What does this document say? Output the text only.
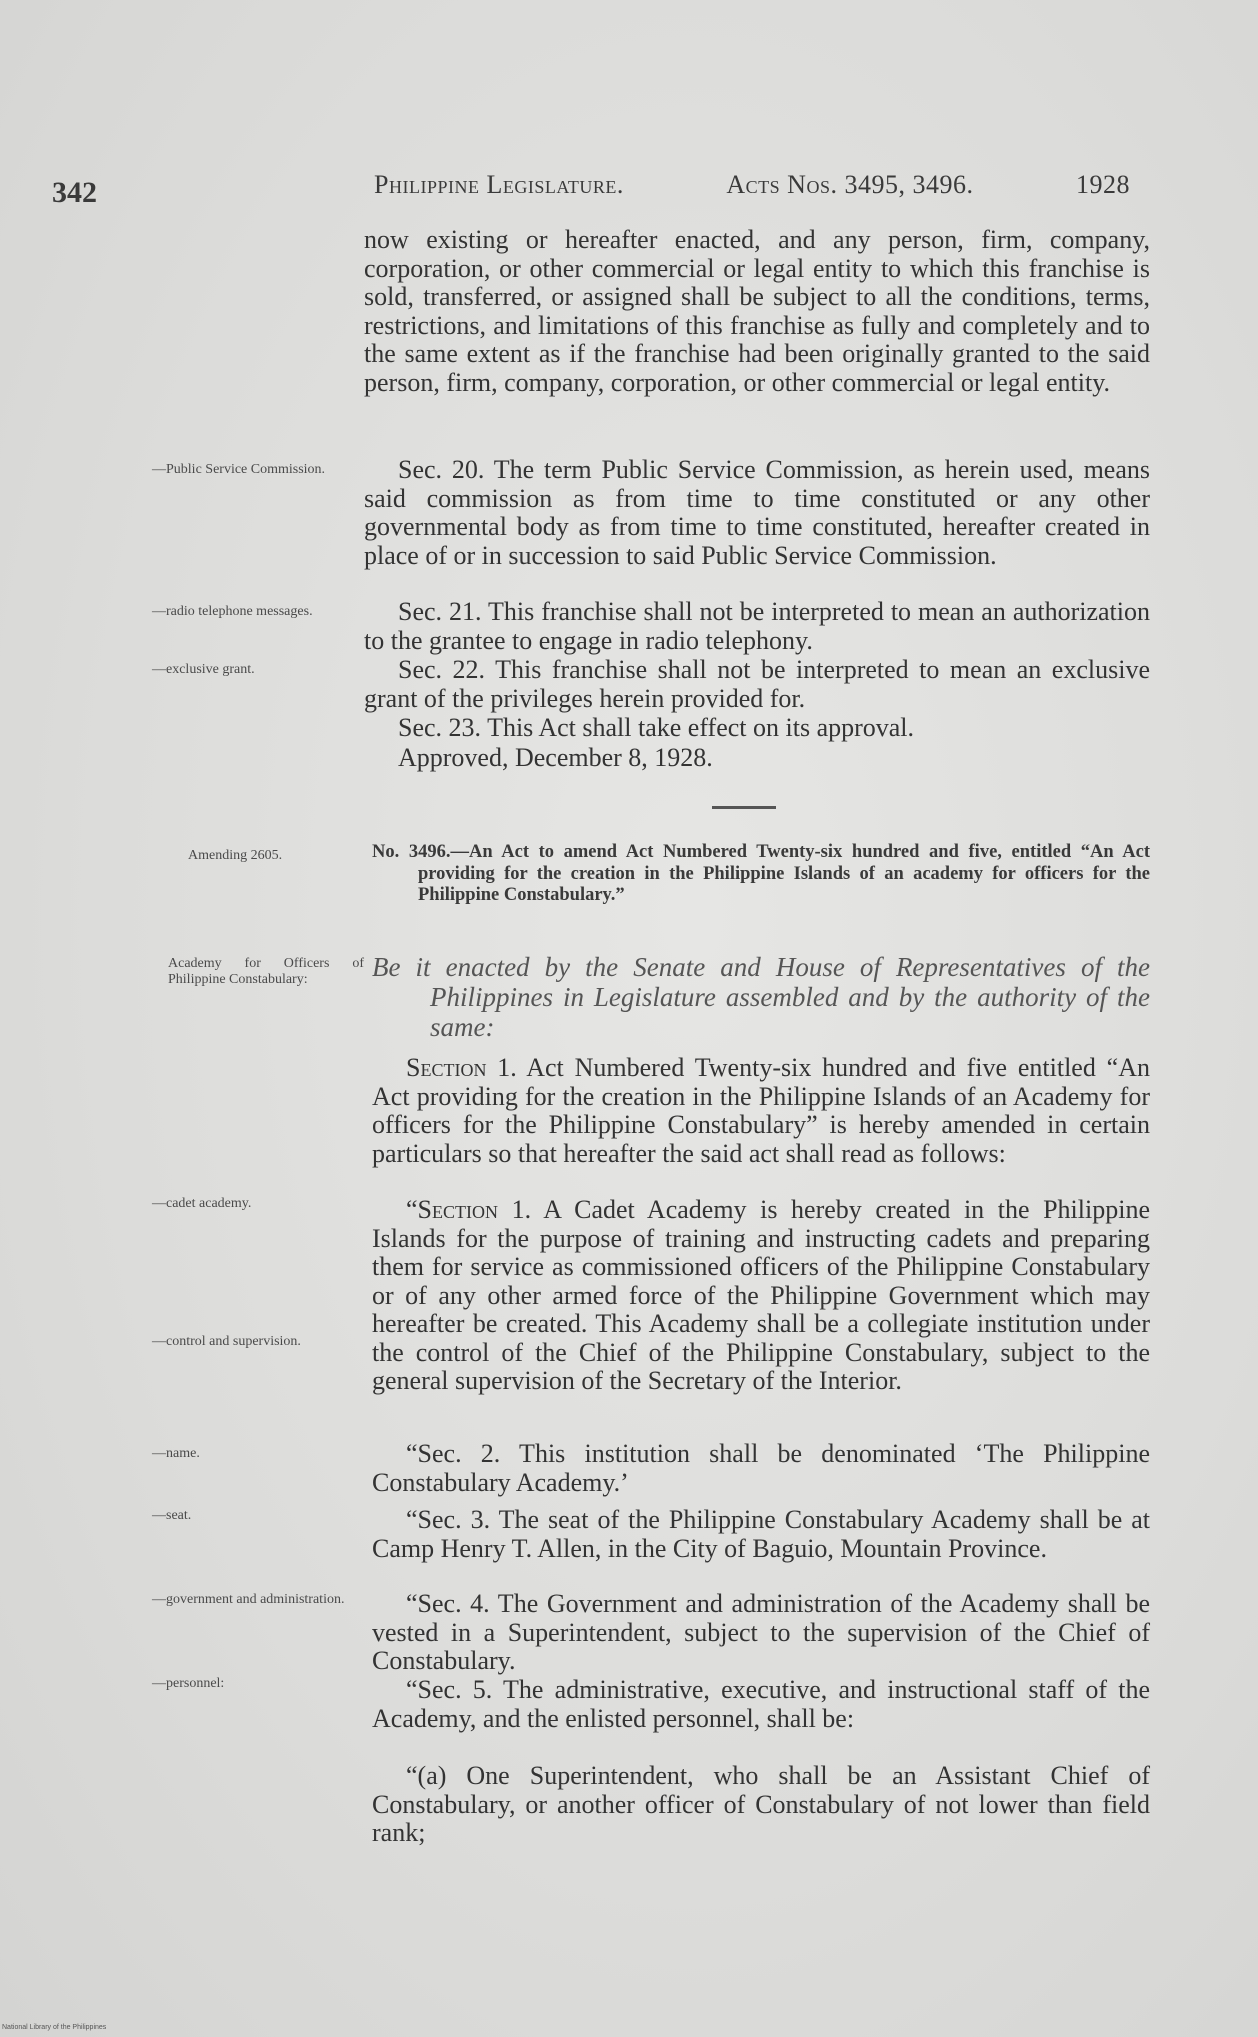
342	Philippine Legislature.	Acts Nos. 3495, 3496.	1928

now existing or hereafter enacted, and any person, firm, company, corporation, or other commercial or legal entity to which this franchise is sold, transferred, or assigned shall be subject to all the conditions, terms, restrictions, and limitations of this franchise as fully and completely and to the same extent as if the franchise had been originally granted to the said person, firm, company, corporation, or other commercial or legal entity.

Sec. 20. The term Public Service Commission, as herein used, means said commission as from time to time constituted or any other governmental body as from time to time constituted, hereafter created in place of or in succession to said Public Service Commission.

Sec. 21. This franchise shall not be interpreted to mean an authorization to the grantee to engage in radio telephony.

Sec. 22. This franchise shall not be interpreted to mean an exclusive grant of the privileges herein provided for.

Sec. 23. This Act shall take effect on its approval.

Approved, December 8, 1928.

—Public Service Commission.
—radio telephone messages.
—exclusive grant.
Amending 2605.
Academy for Officers of Philippine Constabulary:
—cadet academy.
—control and supervision.
—name.
—seat.
—government and administration.
—personnel:
No. 3496.—An Act to amend Act Numbered Twenty-six hundred and five, entitled “An Act providing for the creation in the Philippine Islands of an academy for officers for the Philippine Constabulary.”
Be it enacted by the Senate and House of Representatives of the Philippines in Legislature assembled and by the authority of the same:

Section 1. Act Numbered Twenty-six hundred and five entitled “An Act providing for the creation in the Philippine Islands of an Academy for officers for the Philippine Constabulary” is hereby amended in certain particulars so that hereafter the said act shall read as follows:

“Section 1. A Cadet Academy is hereby created in the Philippine Islands for the purpose of training and instructing cadets and preparing them for service as commissioned officers of the Philippine Constabulary or of any other armed force of the Philippine Government which may hereafter be created. This Academy shall be a collegiate institution under the control of the Chief of the Philippine Constabulary, subject to the general supervision of the Secretary of the Interior.

“Sec. 2. This institution shall be denominated ‘The Philippine Constabulary Academy.’

“Sec. 3. The seat of the Philippine Constabulary Academy shall be at Camp Henry T. Allen, in the City of Baguio, Mountain Province.

“Sec. 4. The Government and administration of the Academy shall be vested in a Superintendent, subject to the supervision of the Chief of Constabulary.

“Sec. 5. The administrative, executive, and instructional staff of the Academy, and the enlisted personnel, shall be:

“(a) One Superintendent, who shall be an Assistant Chief of Constabulary, or another officer of Constabulary of not lower than field rank;

National Library of the Philippines
